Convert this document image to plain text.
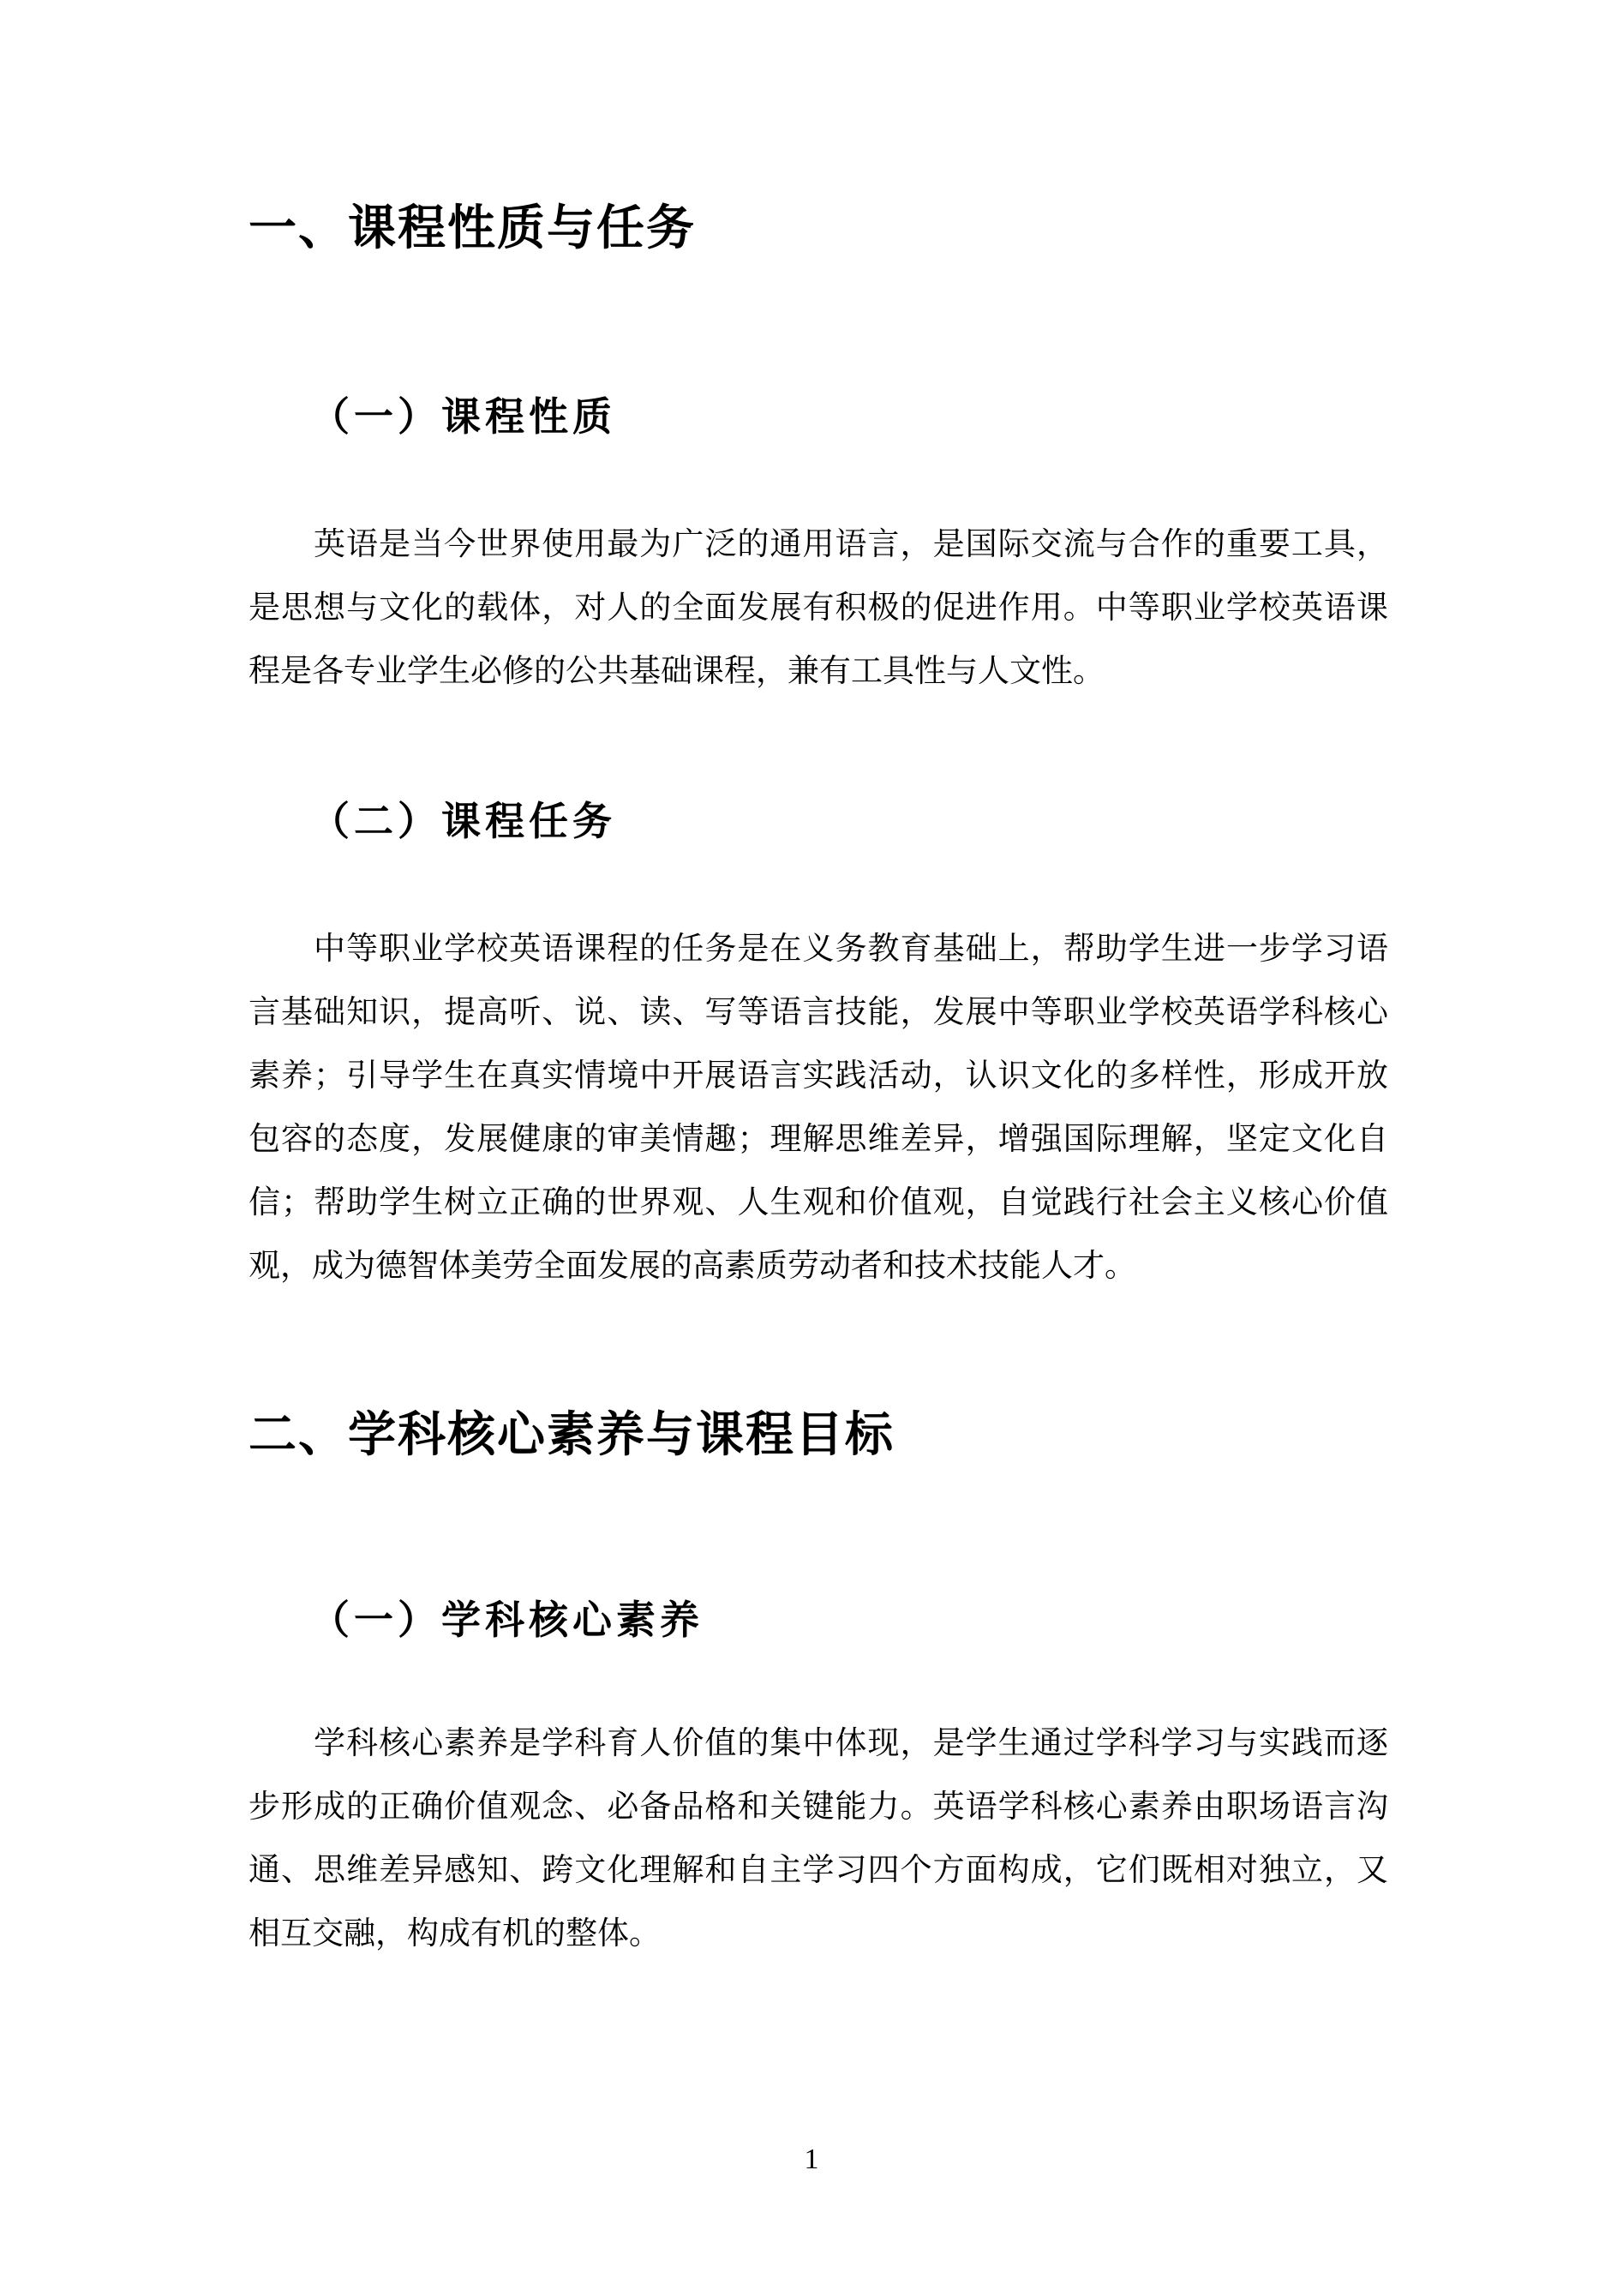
一、课程性质与任务
（一）课程性质
英语是当今世界使用最为广泛的通用语言，是国际交流与合作的重要工具，
是思想与文化的载体，对人的全面发展有积极的促进作用。中等职业学校英语课
程是各专业学生必修的公共基础课程，兼有工具性与人文性。
（二）课程任务
中等职业学校英语课程的任务是在义务教育基础上，帮助学生进一步学习语
言基础知识，提高听、说、读、写等语言技能，发展中等职业学校英语学科核心
素养；引导学生在真实情境中开展语言实践活动，认识文化的多样性，形成开放
包容的态度，发展健康的审美情趣；理解思维差异，增强国际理解，坚定文化自
信；帮助学生树立正确的世界观、人生观和价值观，自觉践行社会主义核心价值
观，成为德智体美劳全面发展的高素质劳动者和技术技能人才。
二、学科核心素养与课程目标
（一）学科核心素养
学科核心素养是学科育人价值的集中体现，是学生通过学科学习与实践而逐
步形成的正确价值观念、必备品格和关键能力。英语学科核心素养由职场语言沟
通、思维差异感知、跨文化理解和自主学习四个方面构成，它们既相对独立，又
相互交融，构成有机的整体。
1
